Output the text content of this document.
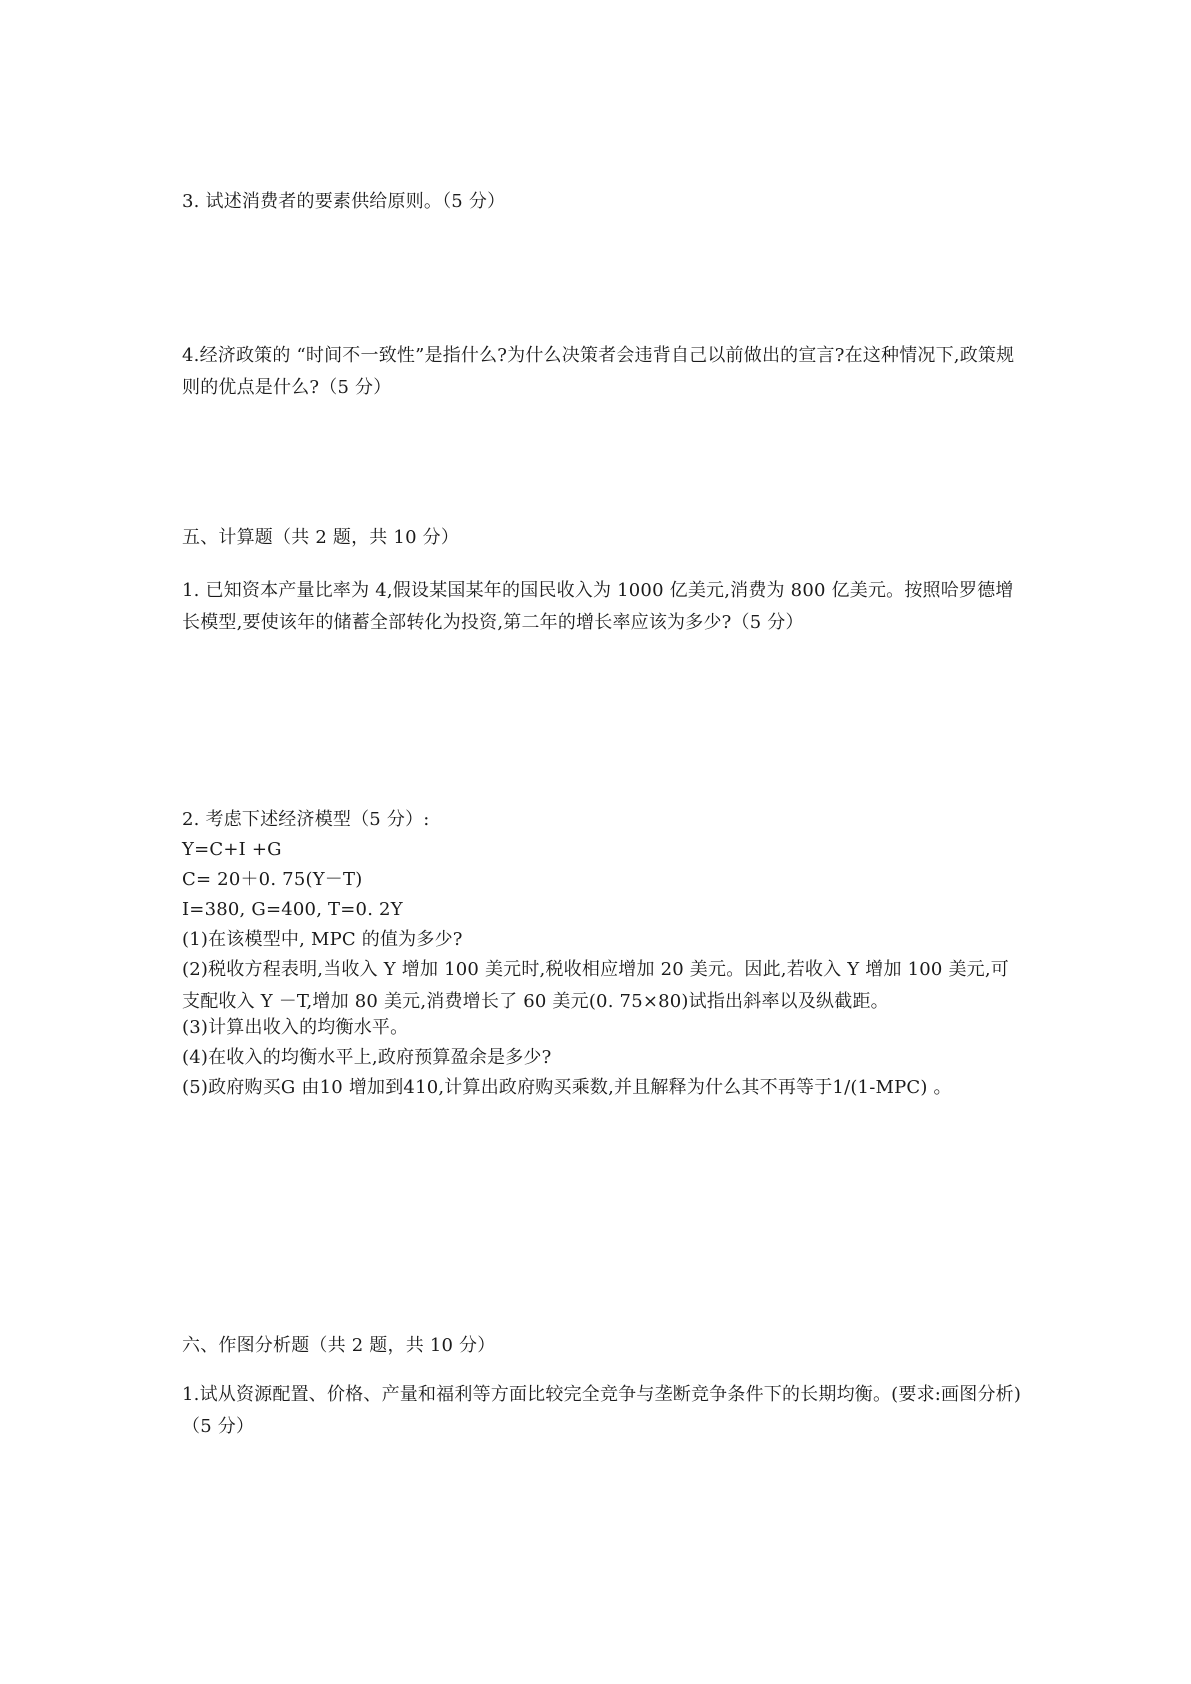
3. 试述消费者的要素供给原则。（5 分）
4.经济政策的 “时间不一致性”是指什么?为什么决策者会违背自己以前做出的宣言?在这种情况下,政策规则的优点是什么?（5 分）
五、计算题（共 2 题，共 10 分）
1. 已知资本产量比率为 4,假设某国某年的国民收入为 1000 亿美元,消费为 800 亿美元。按照哈罗德增长模型,要使该年的储蓄全部转化为投资,第二年的增长率应该为多少?（5 分）
2. 考虑下述经济模型（5 分）:
Y=C+I +G
C= 20＋0. 75(Y－T)
I=380, G=400, T=0. 2Y
(1)在该模型中, MPC 的值为多少?
(2)税收方程表明,当收入 Y 增加 100 美元时,税收相应增加 20 美元。因此,若收入 Y 增加 100 美元,可支配收入 Y －T,增加 80 美元,消费增长了 60 美元(0. 75×80)试指出斜率以及纵截距。
(3)计算出收入的均衡水平。
(4)在收入的均衡水平上,政府预算盈余是多少?
(5)政府购买G 由10 增加到410,计算出政府购买乘数,并且解释为什么其不再等于1/(1-MPC) 。
六、作图分析题（共 2 题，共 10 分）
1.试从资源配置、价格、产量和福利等方面比较完全竞争与垄断竞争条件下的长期均衡。(要求:画图分析)（5 分）
